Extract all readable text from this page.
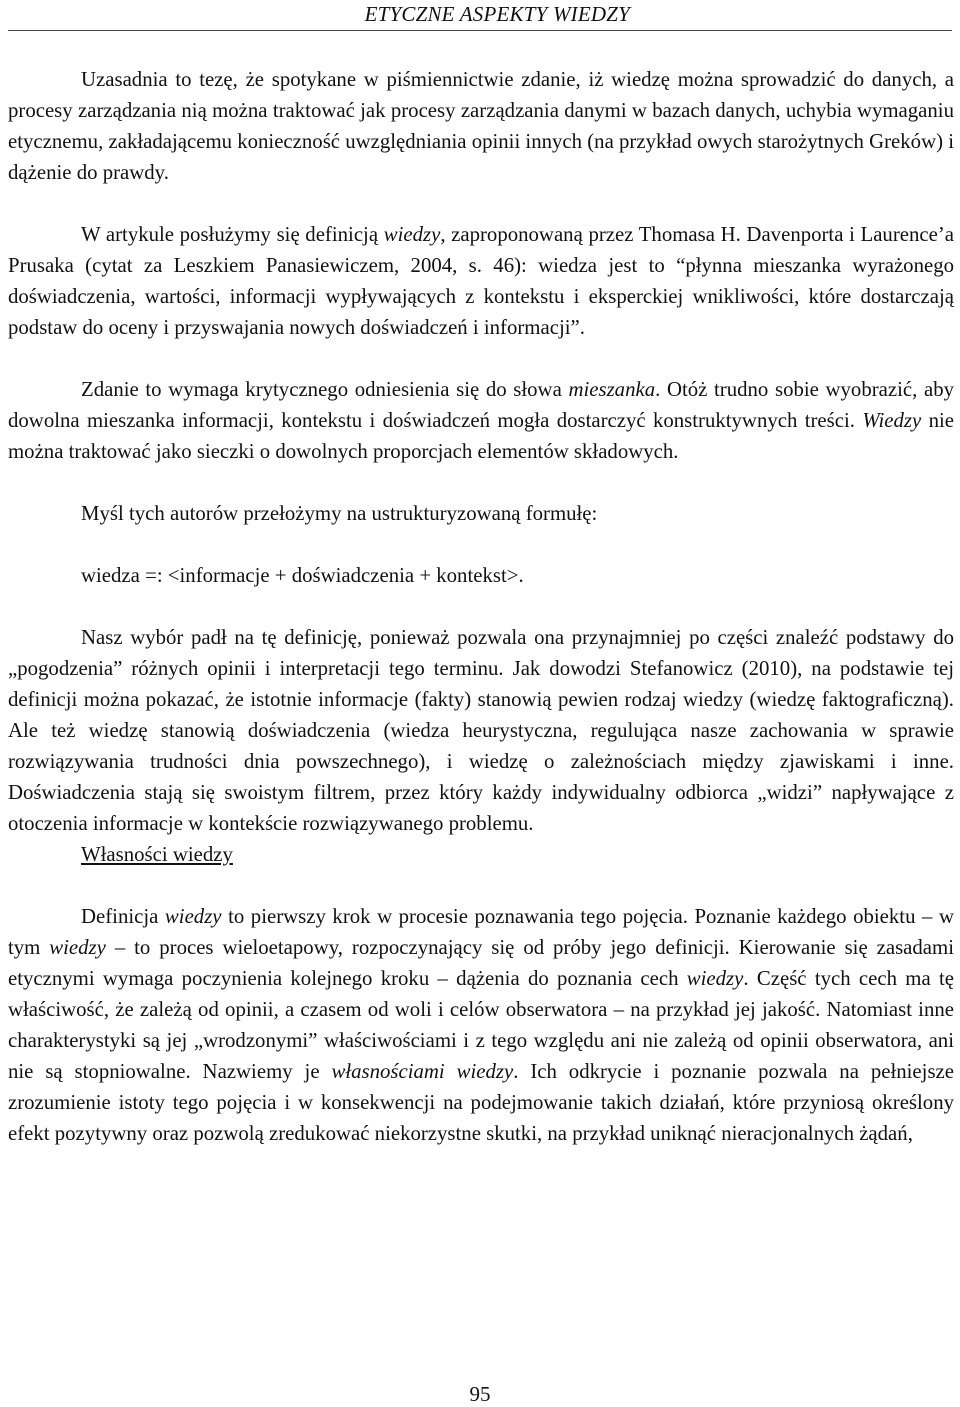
ETYCZNE ASPEKTY WIEDZY

Uzasadnia to tezę, że spotykane w piśmiennictwie zdanie, iż wiedzę można sprowadzić do danych, a procesy zarządzania nią można traktować jak procesy zarządzania danymi w bazach danych, uchybia wymaganiu etycznemu, zakładającemu konieczność uwzględniania opinii innych (na przykład owych starożytnych Greków) i dążenie do prawdy.

W artykule posłużymy się definicją wiedzy, zaproponowaną przez Thomasa H. Davenporta i Laurence’a Prusaka (cytat za Leszkiem Panasiewiczem, 2004, s. 46): wiedza jest to “płynna mieszanka wyrażonego doświadczenia, wartości, informacji wypływających z kontekstu i eksperckiej wnikliwości, które dostarczają podstaw do oceny i przyswajania nowych doświadczeń i informacji”.

Zdanie to wymaga krytycznego odniesienia się do słowa mieszanka. Otóż trudno sobie wyobrazić, aby dowolna mieszanka informacji, kontekstu i doświadczeń mogła dostarczyć konstruktywnych treści. Wiedzy nie można traktować jako sieczki o dowolnych proporcjach elementów składowych.

Myśl tych autorów przełożymy na ustrukturyzowaną formułę:

wiedza =: <informacje + doświadczenia + kontekst>.

Nasz wybór padł na tę definicję, ponieważ pozwala ona przynajmniej po części znaleźć podstawy do „pogodzenia” różnych opinii i interpretacji tego terminu. Jak dowodzi Stefanowicz (2010), na podstawie tej definicji można pokazać, że istotnie informacje (fakty) stanowią pewien rodzaj wiedzy (wiedzę faktograficzną). Ale też wiedzę stanowią doświadczenia (wiedza heurystyczna, regulująca nasze zachowania w sprawie rozwiązywania trudności dnia powszechnego), i wiedzę o zależnościach między zjawiskami i inne. Doświadczenia stają się swoistym filtrem, przez który każdy indywidualny odbiorca „widzi” napływające z otoczenia informacje w kontekście rozwiązywanego problemu.

Własności wiedzy

Definicja wiedzy to pierwszy krok w procesie poznawania tego pojęcia. Poznanie każdego obiektu – w tym wiedzy – to proces wieloetapowy, rozpoczynający się od próby jego definicji. Kierowanie się zasadami etycznymi wymaga poczynienia kolejnego kroku – dążenia do poznania cech wiedzy. Część tych cech ma tę właściwość, że zależą od opinii, a czasem od woli i celów obserwatora – na przykład jej jakość. Natomiast inne charakterystyki są jej „wrodzonymi” właściwościami i z tego względu ani nie zależą od opinii obserwatora, ani nie są stopniowalne. Nazwiemy je własnościami wiedzy. Ich odkrycie i poznanie pozwala na pełniejsze zrozumienie istoty tego pojęcia i w konsekwencji na podejmowanie takich działań, które przyniosą określony efekt pozytywny oraz pozwolą zredukować niekorzystne skutki, na przykład uniknąć nieracjonalnych żądań,

95
